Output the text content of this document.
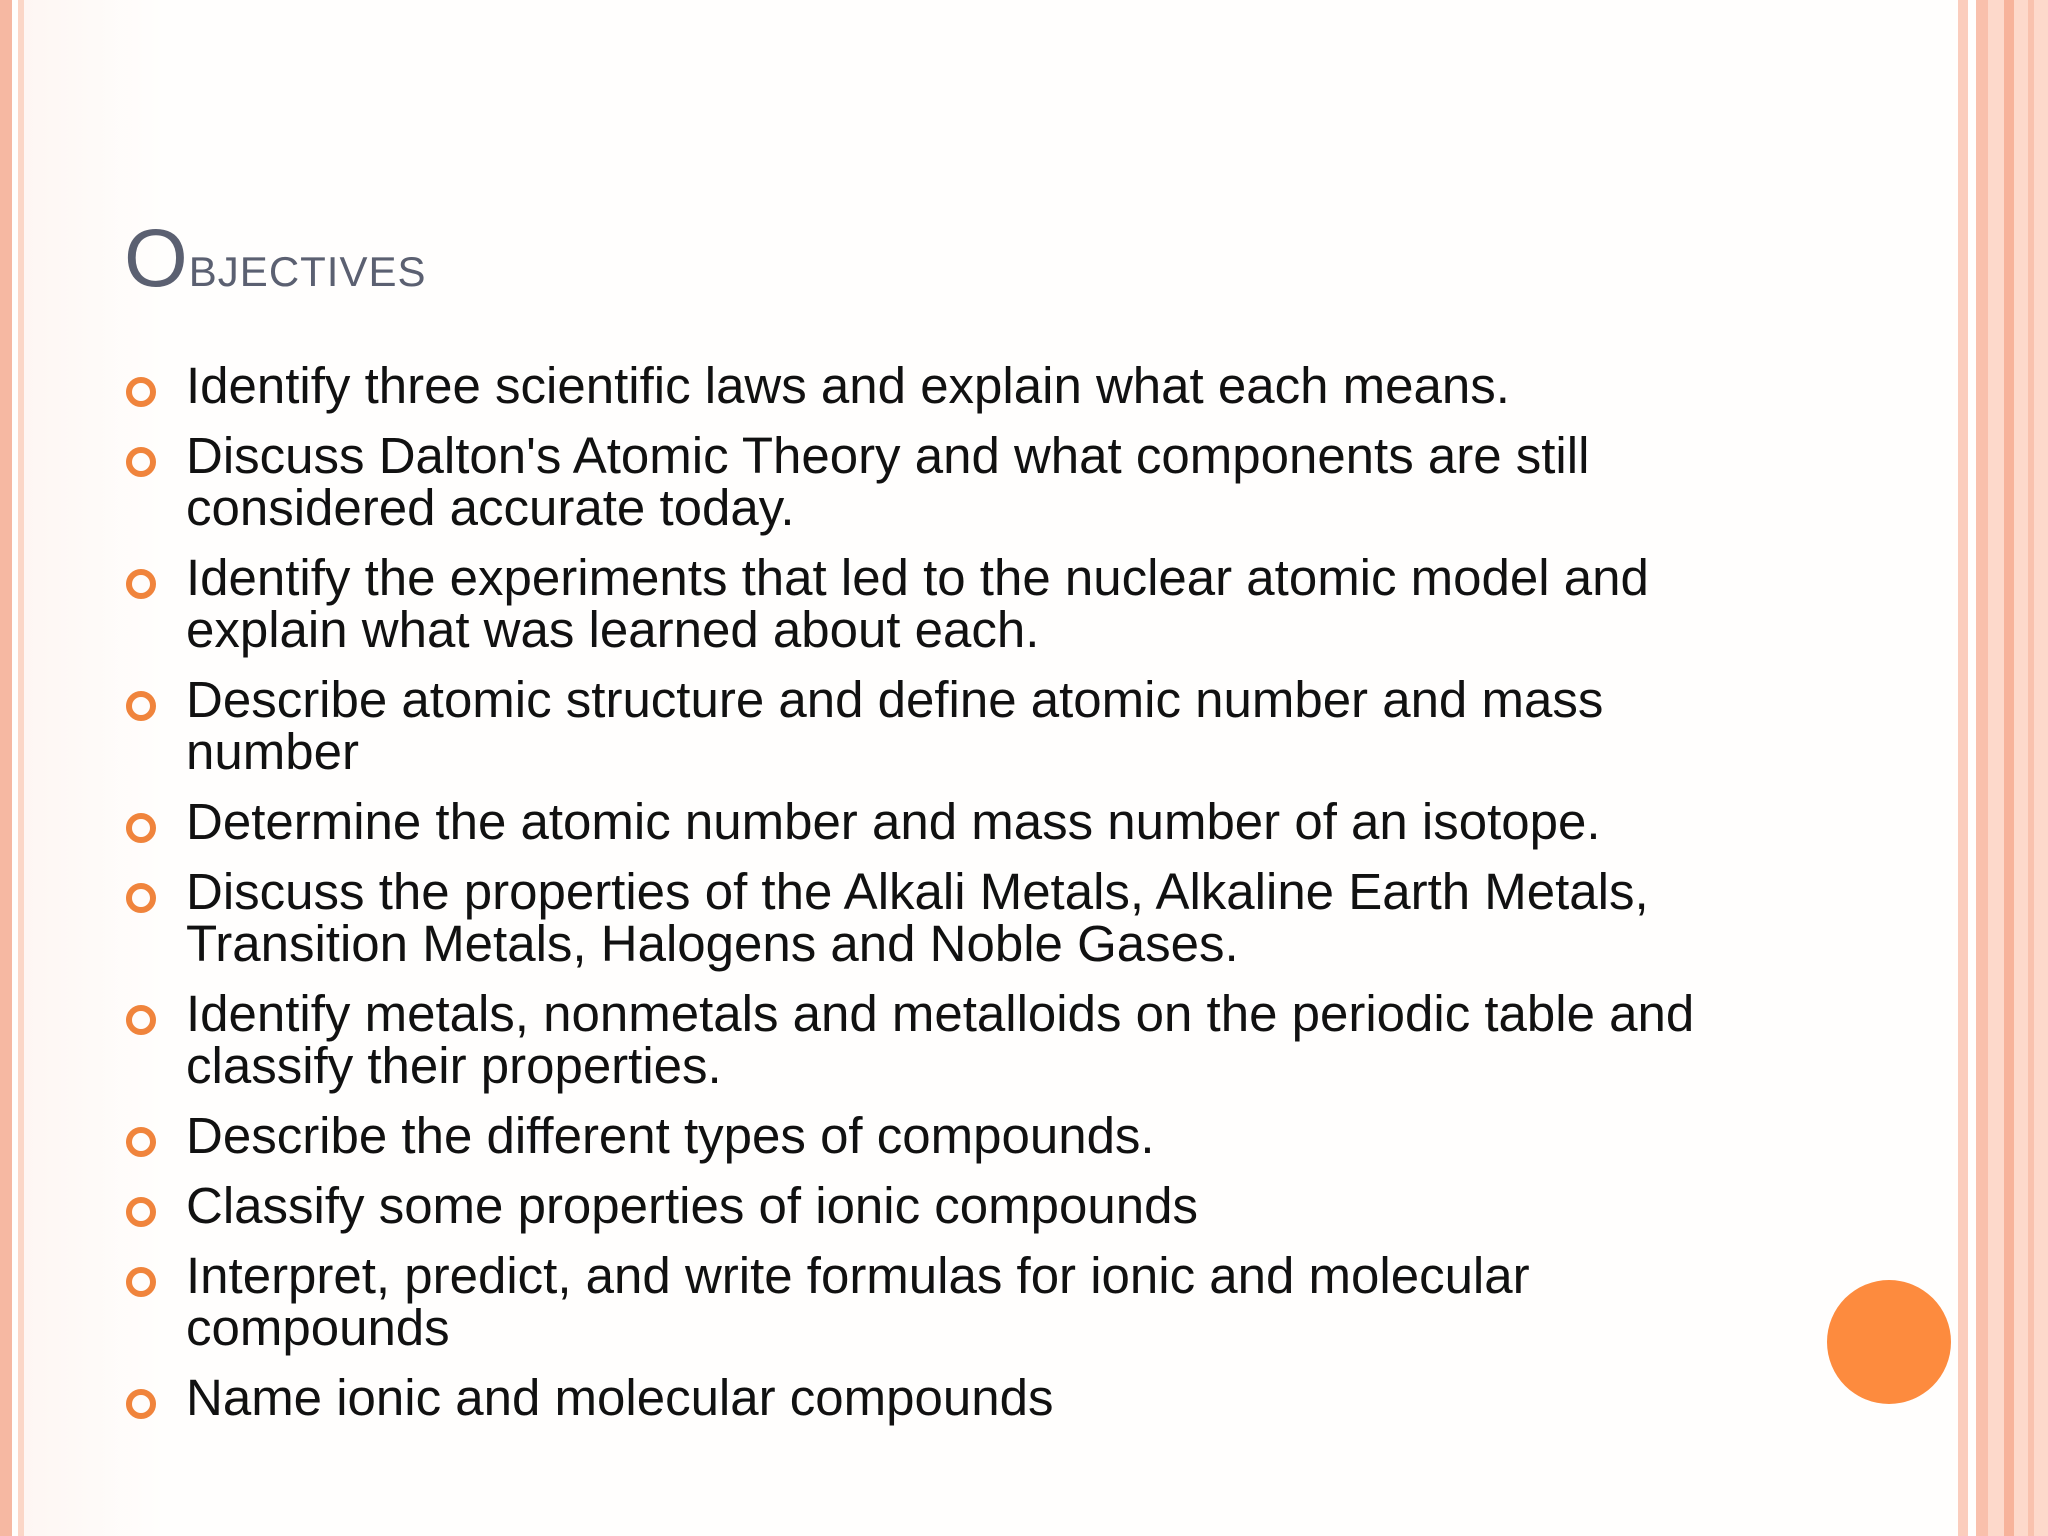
Objectives
Identify three scientific laws and explain what each means.
Discuss Dalton's Atomic Theory and what components are still considered accurate today.
Identify the experiments that led to the nuclear atomic model and explain what was learned about each.
Describe atomic structure and define atomic number and mass number
Determine the atomic number and mass number of an isotope.
Discuss the properties of the Alkali Metals, Alkaline Earth Metals, Transition Metals, Halogens and Noble Gases.
Identify metals, nonmetals and metalloids on the periodic table and classify their properties.
Describe the different types of compounds.
Classify some properties of ionic compounds
Interpret, predict, and write formulas for ionic and molecular compounds
Name ionic and molecular compounds
